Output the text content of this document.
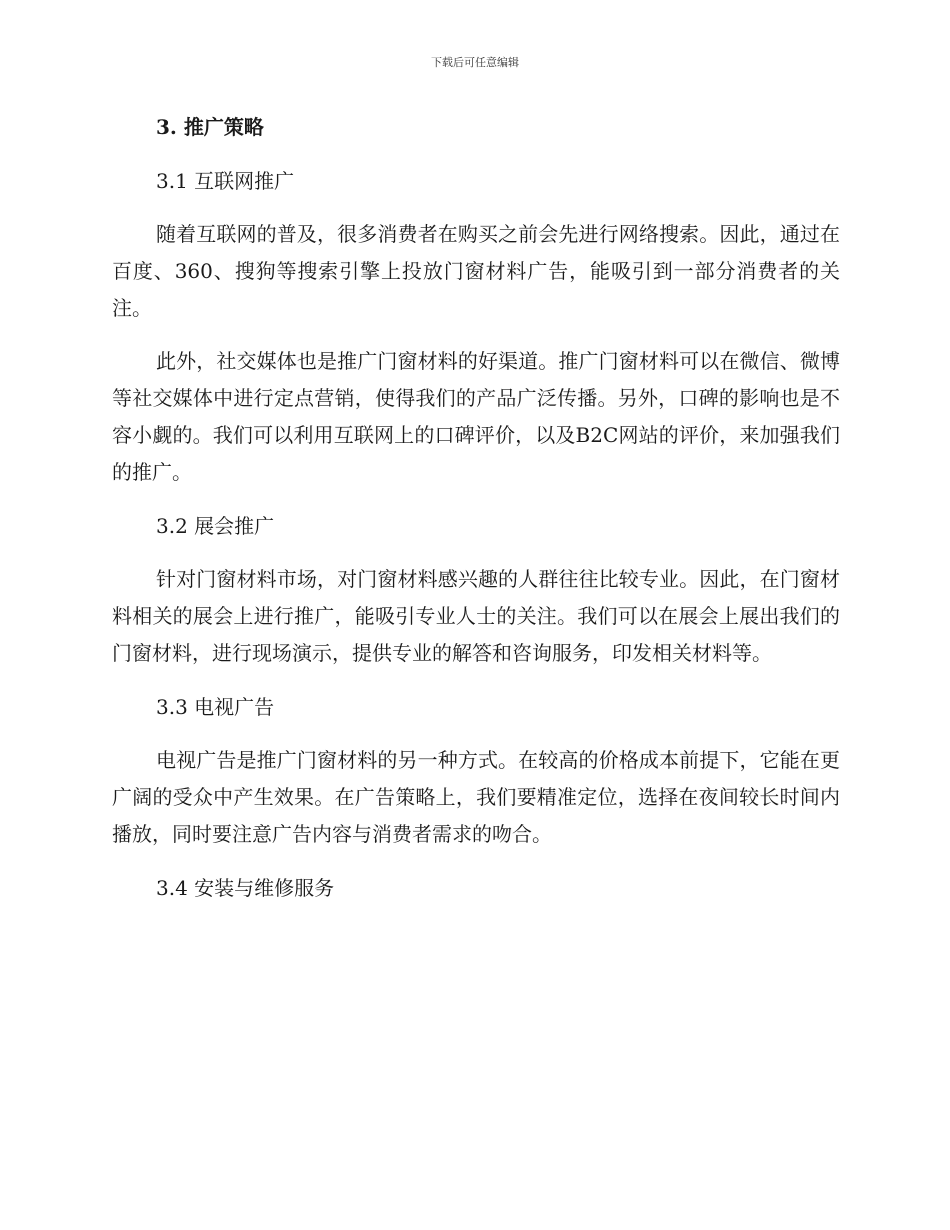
下载后可任意编辑
3. 推广策略
3.1 互联网推广

随着互联网的普及，很多消费者在购买之前会先进行网络搜索。因此，通过在百度、360、搜狗等搜索引擎上投放门窗材料广告，能吸引到一部分消费者的关注。

此外，社交媒体也是推广门窗材料的好渠道。推广门窗材料可以在微信、微博等社交媒体中进行定点营销，使得我们的产品广泛传播。另外，口碑的影响也是不容小觑的。我们可以利用互联网上的口碑评价，以及B2C网站的评价，来加强我们的推广。

3.2 展会推广

针对门窗材料市场，对门窗材料感兴趣的人群往往比较专业。因此，在门窗材料相关的展会上进行推广，能吸引专业人士的关注。我们可以在展会上展出我们的门窗材料，进行现场演示，提供专业的解答和咨询服务，印发相关材料等。

3.3 电视广告

电视广告是推广门窗材料的另一种方式。在较高的价格成本前提下，它能在更广阔的受众中产生效果。在广告策略上，我们要精准定位，选择在夜间较长时间内播放，同时要注意广告内容与消费者需求的吻合。

3.4 安装与维修服务
